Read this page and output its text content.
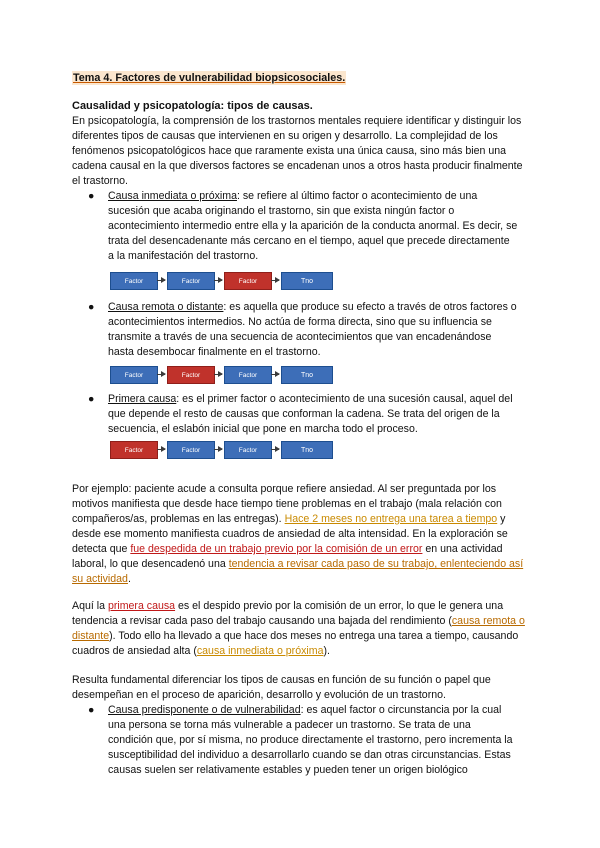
Tema 4. Factores de vulnerabilidad biopsicosociales.
Causalidad y psicopatología: tipos de causas.

En psicopatología, la comprensión de los trastornos mentales requiere identificar y distinguir los diferentes tipos de causas que intervienen en su origen y desarrollo. La complejidad de los fenómenos psicopatológicos hace que raramente exista una única causa, sino más bien una cadena causal en la que diversos factores se encadenan unos a otros hasta producir finalmente el trastorno.

● Causa inmediata o próxima: se refiere al último factor o acontecimiento de una sucesión que acaba originando el trastorno, sin que exista ningún factor o acontecimiento intermedio entre ella y la aparición de la conducta anormal. Es decir, se trata del desencadenante más cercano en el tiempo, aquel que precede directamente a la manifestación del trastorno.
Factor	Factor	Factor	Tno
● Causa remota o distante: es aquella que produce su efecto a través de otros factores o acontecimientos intermedios. No actúa de forma directa, sino que su influencia se transmite a través de una secuencia de acontecimientos que van encadenándose hasta desembocar finalmente en el trastorno.
Factor	Factor	Factor	Tno
● Primera causa: es el primer factor o acontecimiento de una sucesión causal, aquel del que depende el resto de causas que conforman la cadena. Se trata del origen de la secuencia, el eslabón inicial que pone en marcha todo el proceso.
Factor	Factor	Factor	Tno

Por ejemplo: paciente acude a consulta porque refiere ansiedad. Al ser preguntada por los motivos manifiesta que desde hace tiempo tiene problemas en el trabajo (mala relación con compañeros/as, problemas en las entregas). Hace 2 meses no entrega una tarea a tiempo y desde ese momento manifiesta cuadros de ansiedad de alta intensidad. En la exploración se detecta que fue despedida de un trabajo previo por la comisión de un error en una actividad laboral, lo que desencadenó una tendencia a revisar cada paso de su trabajo, enlenteciendo así su actividad.

Aquí la primera causa es el despido previo por la comisión de un error, lo que le genera una tendencia a revisar cada paso del trabajo causando una bajada del rendimiento (causa remota o distante). Todo ello ha llevado a que hace dos meses no entrega una tarea a tiempo, causando cuadros de ansiedad alta (causa inmediata o próxima).

Resulta fundamental diferenciar los tipos de causas en función de su función o papel que desempeñan en el proceso de aparición, desarrollo y evolución de un trastorno.

● Causa predisponente o de vulnerabilidad: es aquel factor o circunstancia por la cual una persona se torna más vulnerable a padecer un trastorno. Se trata de una condición que, por sí misma, no produce directamente el trastorno, pero incrementa la susceptibilidad del individuo a desarrollarlo cuando se dan otras circunstancias. Estas causas suelen ser relativamente estables y pueden tener un origen biológico
